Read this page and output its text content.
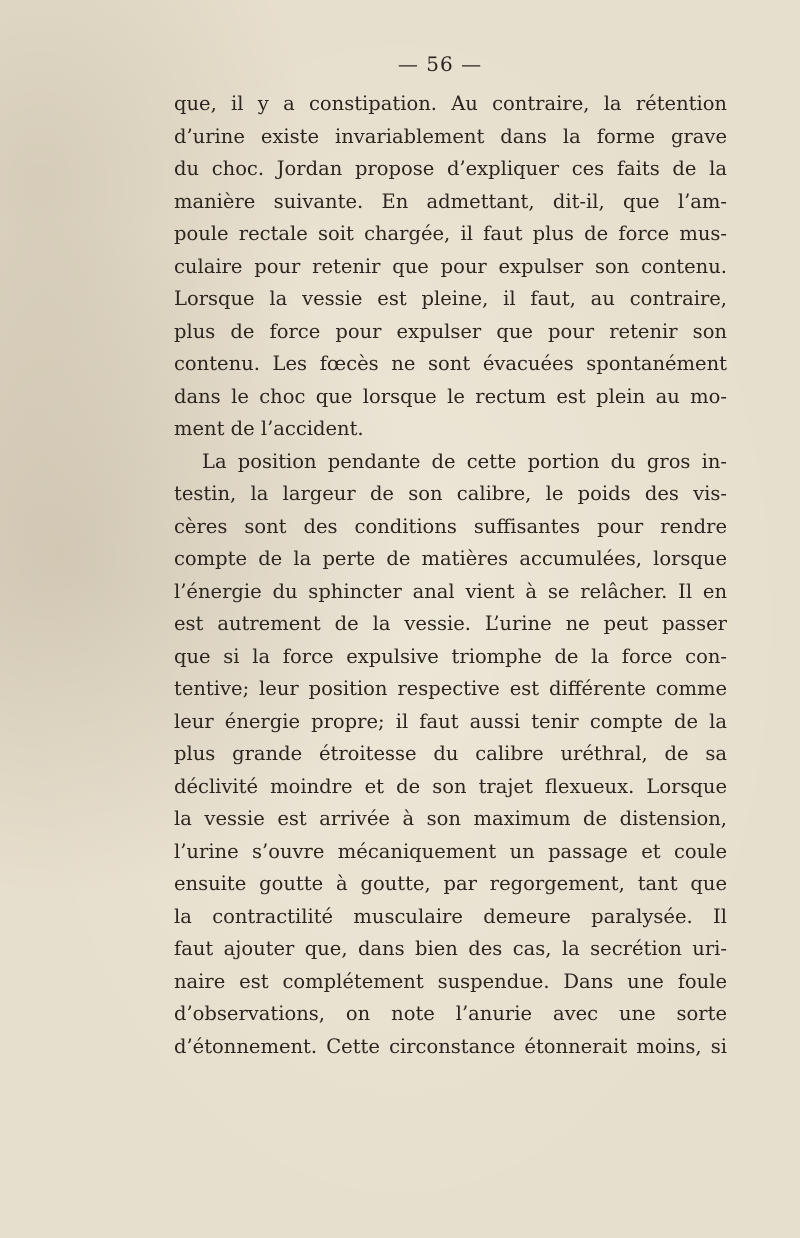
— 56 —
que, il y a constipation. Au contraire, la rétention
d’urine existe invariablement dans la forme grave
du choc. Jordan propose d’expliquer ces faits de la
manière suivante. En admettant, dit-il, que l’am-
poule rectale soit chargée, il faut plus de force mus-
culaire pour retenir que pour expulser son contenu.
Lorsque la vessie est pleine, il faut, au contraire,
plus de force pour expulser que pour retenir son
contenu. Les fœcès ne sont évacuées spontanément
dans le choc que lorsque le rectum est plein au mo-
ment de l’accident.
La position pendante de cette portion du gros in-
testin, la largeur de son calibre, le poids des vis-
cères sont des conditions suffisantes pour rendre
compte de la perte de matières accumulées, lorsque
l’énergie du sphincter anal vient à se relâcher. Il en
est autrement de la vessie. L’urine ne peut passer
que si la force expulsive triomphe de la force con-
tentive; leur position respective est différente comme
leur énergie propre; il faut aussi tenir compte de la
plus grande étroitesse du calibre uréthral, de sa
déclivité moindre et de son trajet flexueux. Lorsque
la vessie est arrivée à son maximum de distension,
l’urine s’ouvre mécaniquement un passage et coule
ensuite goutte à goutte, par regorgement, tant que
la contractilité musculaire demeure paralysée. Il
faut ajouter que, dans bien des cas, la secrétion uri-
naire est complétement suspendue. Dans une foule
d’observations, on note l’anurie avec une sorte
d’étonnement. Cette circonstance étonnerait moins, si
